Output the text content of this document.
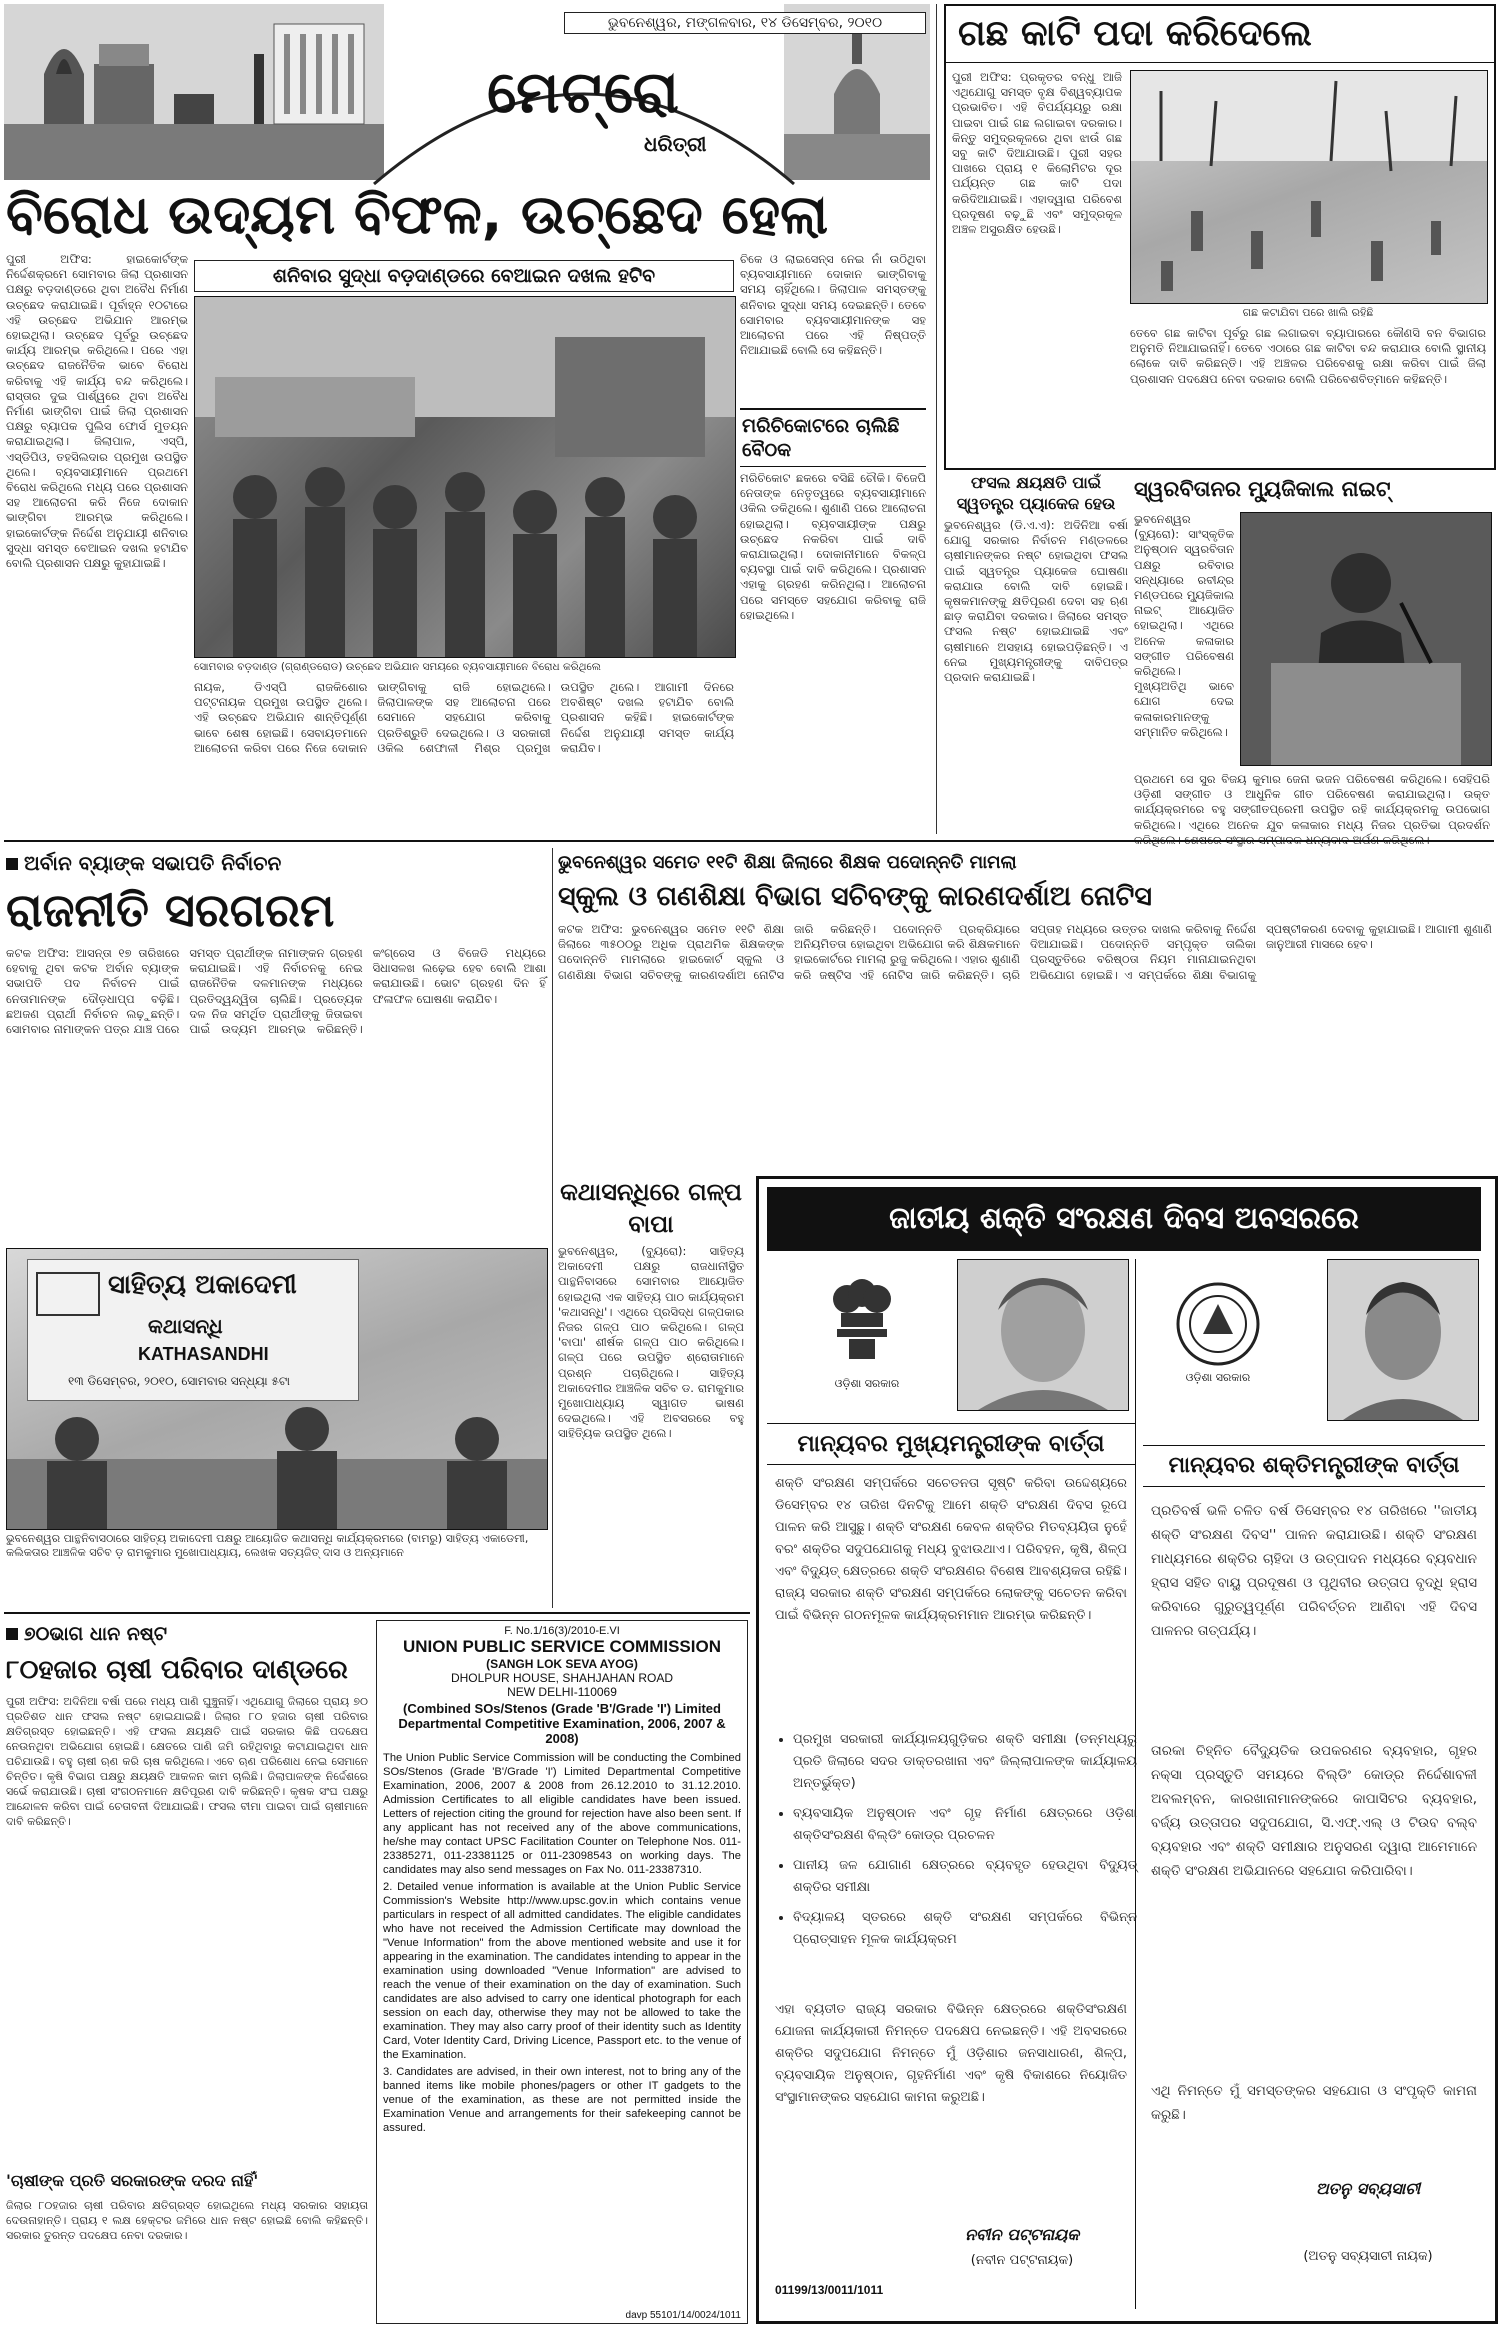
ଭୁବନେଶ୍ୱର, ମଙ୍ଗଳବାର, ୧୪ ଡିସେମ୍ବର, ୨୦୧୦
ମେଟ୍ରୋ
ଧରିତ୍ରୀ
ବିରୋଧ ଉଦ୍ୟମ ବିଫଳ, ଉଚ୍ଛେଦ ହେଲା
ପୁରୀ ଅଫିସ: ହାଇକୋର୍ଟଙ୍କ ନିର୍ଦ୍ଦେଶକ୍ରମେ ସୋମବାର ଜିଲା ପ୍ରଶାସନ ପକ୍ଷରୁ ବଡ଼ଦାଣ୍ଡରେ ଥିବା ଅବୈଧ ନିର୍ମାଣ ଉଚ୍ଛେଦ କରାଯାଇଛି। ପୂର୍ବାହ୍ନ ୧୦ଟାରେ ଏହି ଉଚ୍ଛେଦ ଅଭିଯାନ ଆରମ୍ଭ ହୋଇଥିଲା। ଉଚ୍ଛେଦ ପୂର୍ବରୁ ଉଚ୍ଛେଦ କାର୍ଯ୍ୟ ଆରମ୍ଭ କରିଥିଲେ। ପରେ ଏହା ଉଚ୍ଛେଦ ରାଜନୈତିକ ଭାବେ ବିରୋଧ କରିବାକୁ ଏହି କାର୍ଯ୍ୟ ବନ୍ଦ କରିଥିଲେ। ରାସ୍ତାର ଦୁଇ ପାର୍ଶ୍ୱରେ ଥିବା ଅବୈଧ ନିର୍ମାଣ ଭାଙ୍ଗିବା ପାଇଁ ଜିଲା ପ୍ରଶାସନ ପକ୍ଷରୁ ବ୍ୟାପକ ପୁଲିସ ଫୋର୍ସ ମୁତୟନ କରାଯାଇଥିଲା। ଜିଲାପାଳ, ଏସ୍‌ପି, ଏସ୍‌ଡିପିଓ, ତହସିଲଦାର ପ୍ରମୁଖ ଉପସ୍ଥିତ ଥିଲେ। ବ୍ୟବସାୟୀମାନେ ପ୍ରଥମେ ବିରୋଧ କରିଥିଲେ ମଧ୍ୟ ପରେ ପ୍ରଶାସନ ସହ ଆଲୋଚନା କରି ନିଜେ ଦୋକାନ ଭାଙ୍ଗିବା ଆରମ୍ଭ କରିଥିଲେ। ହାଇକୋର୍ଟଙ୍କ ନିର୍ଦ୍ଦେଶ ଅନୁଯାୟୀ ଶନିବାର ସୁଦ୍ଧା ସମସ୍ତ ବେଆଇନ ଦଖଲ ହଟାଯିବ ବୋଲି ପ୍ରଶାସନ ପକ୍ଷରୁ କୁହାଯାଇଛି।
ଶନିବାର ସୁଦ୍ଧା ବଡ଼ଦାଣ୍ଡରେ ବେଆଇନ ଦଖଲ ହଟିବ
ସୋମବାର ବଡ଼ଦାଣ୍ଡ (ଗ୍ରାଣ୍ଡରୋଡ) ଉଚ୍ଛେଦ ଅଭିଯାନ ସମୟରେ ବ୍ୟବସାୟୀମାନେ ବିରୋଧ କରିଥିଲେ
ଚିକେ ଓ ଲାଇସେନ୍ସ ନେଇ ନାଁ ଉଠିଥିବା ବ୍ୟବସାୟୀମାନେ ଦୋକାନ ଭାଙ୍ଗିବାକୁ ସମୟ ଚାହିଁଥିଲେ। ଜିଲାପାଳ ସମସ୍ତଙ୍କୁ ଶନିବାର ସୁଦ୍ଧା ସମୟ ଦେଇଛନ୍ତି। ତେବେ ସୋମବାର ବ୍ୟବସାୟୀମାନଙ୍କ ସହ ଆଲୋଚନା ପରେ ଏହି ନିଷ୍ପତ୍ତି ନିଆଯାଇଛି ବୋଲି ସେ କହିଛନ୍ତି।
ମରିଚିକୋଟରେ ଚାଲିଛି ବୈଠକ
ମରିଚିକୋଟ ଛକରେ ବସିଛି ଚୌକି। ବିଜେପି ନେତାଙ୍କ ନେତୃତ୍ୱରେ ବ୍ୟବସାୟୀମାନେ ଓକିଲ ଡକିଥିଲେ। ଶୁଣାଣି ପରେ ଆଲୋଚନା ହୋଇଥିଲା। ବ୍ୟବସାୟୀଙ୍କ ପକ୍ଷରୁ ଉଚ୍ଛେଦ ନକରିବା ପାଇଁ ଦାବି କରାଯାଇଥିଲା। ଦୋକାନୀମାନେ ବିକଳ୍ପ ବ୍ୟବସ୍ଥା ପାଇଁ ଦାବି କରିଥିଲେ। ପ୍ରଶାସନ ଏହାକୁ ଗ୍ରହଣ କରିନଥିଲା। ଆଲୋଚନା ପରେ ସମସ୍ତେ ସହଯୋଗ କରିବାକୁ ରାଜି ହୋଇଥିଲେ।
ନାୟକ, ଡିଏସ୍‌ପି ରାଜକିଶୋର ପଟ୍ଟନାୟକ ପ୍ରମୁଖ ଉପସ୍ଥିତ ଥିଲେ। ଏହି ଉଚ୍ଛେଦ ଅଭିଯାନ ଶାନ୍ତିପୂର୍ଣ୍ଣ ଭାବେ ଶେଷ ହୋଇଛି। ସେବାୟତମାନେ ଆଲୋଚନା କରିବା ପରେ ନିଜେ ଦୋକାନ ଭାଙ୍ଗିବାକୁ ରାଜି ହୋଇଥିଲେ। ଜିଲାପାଳଙ୍କ ସହ ଆଲୋଚନା ପରେ ସେମାନେ ସହଯୋଗ କରିବାକୁ ପ୍ରତିଶ୍ରୁତି ଦେଇଥିଲେ। ଓ ସରକାରୀ ଓକିଲ ଶେଫାଳୀ ମିଶ୍ର ପ୍ରମୁଖ ଉପସ୍ଥିତ ଥିଲେ। ଆଗାମୀ ଦିନରେ ଅବଶିଷ୍ଟ ଦଖଲ ହଟାଯିବ ବୋଲି ପ୍ରଶାସନ କହିଛି। ହାଇକୋର୍ଟଙ୍କ ନିର୍ଦ୍ଦେଶ ଅନୁଯାୟୀ ସମସ୍ତ କାର୍ଯ୍ୟ କରାଯିବ।
ଗଛ କାଟି ପଦା କରିଦେଲେ
ପୁରୀ ଅଫିସ: ପ୍ରକୃତର ବନ୍ଧୁ ଆଜି ଏଥିଯୋଗୁ ସମସ୍ତ ବୃକ୍ଷ ବିଶ୍ୱବ୍ୟାପକ ପ୍ରଭାବିତ। ଏହି ବିପର୍ଯ୍ୟୟରୁ ରକ୍ଷା ପାଇବା ପାଇଁ ଗଛ ଲଗାଇବା ଦରକାର। କିନ୍ତୁ ସମୁଦ୍ରକୂଳରେ ଥିବା ଝାଉଁ ଗଛ ସବୁ କାଟି ଦିଆଯାଉଛି। ପୁରୀ ସହର ପାଖରେ ପ୍ରାୟ ୧ କିଲୋମିଟର ଦୂର ପର୍ଯ୍ୟନ୍ତ ଗଛ କାଟି ପଦା କରିଦିଆଯାଇଛି। ଏହାଦ୍ୱାରା ପରିବେଶ ପ୍ରଦୂଷଣ ବଢ଼ୁଛି ଏବଂ ସମୁଦ୍ରକୂଳ ଅଞ୍ଚଳ ଅସୁରକ୍ଷିତ ହେଉଛି।
ଗଛ କଟାଯିବା ପରେ ଖାଲି ରହିଛି
ତେବେ ଗଛ କାଟିବା ପୂର୍ବରୁ ଗଛ ଲଗାଇବା ବ୍ୟାପାରରେ କୌଣସି ବନ ବିଭାଗର ଅନୁମତି ନିଆଯାଇନାହିଁ। ତେବେ ଏଠାରେ ଗଛ କାଟିବା ବନ୍ଦ କରାଯାଉ ବୋଲି ସ୍ଥାନୀୟ ଲୋକେ ଦାବି କରିଛନ୍ତି। ଏହି ଅଞ୍ଚଳର ପରିବେଶକୁ ରକ୍ଷା କରିବା ପାଇଁ ଜିଲା ପ୍ରଶାସନ ପଦକ୍ଷେପ ନେବା ଦରକାର ବୋଲି ପରିବେଶବିତ୍‌ମାନେ କହିଛନ୍ତି।
ଫସଲ କ୍ଷୟକ୍ଷତି ପାଇଁ ସ୍ୱତନ୍ତ୍ର ପ୍ୟାକେଜ ହେଉ
ଭୁବନେଶ୍ୱର (ଡି.ଏ.ଏ): ଅଦିନିଆ ବର୍ଷା ଯୋଗୁ ସରକାର ନିର୍ବାଚନ ମଣ୍ଡଳରେ ଚାଷୀମାନଙ୍କର ନଷ୍ଟ ହୋଇଥିବା ଫସଲ ପାଇଁ ସ୍ୱତନ୍ତ୍ର ପ୍ୟାକେଜ ଘୋଷଣା କରାଯାଉ ବୋଲି ଦାବି ହୋଇଛି। କୃଷକମାନଙ୍କୁ କ୍ଷତିପୂରଣ ଦେବା ସହ ଋଣ ଛାଡ଼ କରାଯିବା ଦରକାର। ଜିଲାରେ ସମସ୍ତ ଫସଲ ନଷ୍ଟ ହୋଇଯାଇଛି ଏବଂ ଚାଷୀମାନେ ଅସହାୟ ହୋଇପଡ଼ିଛନ୍ତି। ଏ ନେଇ ମୁଖ୍ୟମନ୍ତ୍ରୀଙ୍କୁ ଦାବିପତ୍ର ପ୍ରଦାନ କରାଯାଇଛି।
ସ୍ୱରବିତାନର ମ୍ୟୁଜିକାଲ ନାଇଟ୍
ଭୁବନେଶ୍ୱର (ବ୍ୟୁରୋ): ସାଂସ୍କୃତିକ ଅନୁଷ୍ଠାନ ସ୍ୱରବିତାନ ପକ୍ଷରୁ ରବିବାର ସନ୍ଧ୍ୟାରେ ରବୀନ୍ଦ୍ର ମଣ୍ଡପରେ ମ୍ୟୁଜିକାଲ ନାଇଟ୍ ଆୟୋଜିତ ହୋଇଥିଲା। ଏଥିରେ ଅନେକ କଳାକାର ସଙ୍ଗୀତ ପରିବେଷଣ କରିଥିଲେ। ମୁଖ୍ୟଅତିଥି ଭାବେ ଯୋଗ ଦେଇ କଳାକାରମାନଙ୍କୁ ସମ୍ମାନିତ କରିଥିଲେ।
ପ୍ରଥମେ ସେ ସୁର ବିଜୟ କୁମାର ଜେନା ଭଜନ ପରିବେଷଣ କରିଥିଲେ। ସେହିପରି ଓଡ଼ିଶୀ ସଙ୍ଗୀତ ଓ ଆଧୁନିକ ଗୀତ ପରିବେଷଣ କରାଯାଇଥିଲା। ଉକ୍ତ କାର୍ଯ୍ୟକ୍ରମରେ ବହୁ ସଙ୍ଗୀତପ୍ରେମୀ ଉପସ୍ଥିତ ରହି କାର୍ଯ୍ୟକ୍ରମକୁ ଉପଭୋଗ କରିଥିଲେ। ଏଥିରେ ଅନେକ ଯୁବ କଳାକାର ମଧ୍ୟ ନିଜର ପ୍ରତିଭା ପ୍ରଦର୍ଶନ
ଅର୍ବାନ ବ୍ୟାଙ୍କ ସଭାପତି ନିର୍ବାଚନ
ରାଜନୀତି ସରଗରମ
କଟକ ଅଫିସ: ଆସନ୍ତା ୧୭ ତାରିଖରେ ହେବାକୁ ଥିବା କଟକ ଅର୍ବାନ ବ୍ୟାଙ୍କ ସଭାପତି ପଦ ନିର୍ବାଚନ ପାଇଁ ନେତାମାନଙ୍କ ଦୌଡ଼ଧାପ୍ପ ବଢ଼ିଛି। ଛଅଜଣ ପ୍ରାର୍ଥୀ ନିର୍ବାଚନ ଲଢ଼ୁଛନ୍ତି। ସୋମବାର ନାମାଙ୍କନ ପତ୍ର ଯାଞ୍ଚ ପରେ ସମସ୍ତ ପ୍ରାର୍ଥୀଙ୍କ ନାମାଙ୍କନ ଗ୍ରହଣ କରାଯାଇଛି। ଏହି ନିର୍ବାଚନକୁ ନେଇ ରାଜନୈତିକ ଦଳମାନଙ୍କ ମଧ୍ୟରେ ପ୍ରତିଦ୍ୱନ୍ଦ୍ୱିତା ଚାଲିଛି। ପ୍ରତ୍ୟେକ ଦଳ ନିଜ ସମର୍ଥିତ ପ୍ରାର୍ଥୀଙ୍କୁ ଜିତାଇବା ପାଇଁ ଉଦ୍ୟମ ଆରମ୍ଭ କରିଛନ୍ତି। କଂଗ୍ରେସ ଓ ବିଜେଡି ମଧ୍ୟରେ ସିଧାସଳଖ ଲଢ଼େଇ ହେବ ବୋଲି ଆଶା କରାଯାଉଛି। ଭୋଟ ଗ୍ରହଣ ଦିନ ହିଁ ଫଳାଫଳ ଘୋଷଣା କରାଯିବ।
ଭୁବନେଶ୍ୱର ସମେତ ୧୧ଟି ଶିକ୍ଷା ଜିଲାରେ ଶିକ୍ଷକ ପଦୋନ୍ନତି ମାମଲା
ସ୍କୁଲ ଓ ଗଣଶିକ୍ଷା ବିଭାଗ ସଚିବଙ୍କୁ କାରଣଦର୍ଶାଅ ନୋଟିସ
କଟକ ଅଫିସ: ଭୁବନେଶ୍ୱର ସମେତ ୧୧ଟି ଶିକ୍ଷା ଜିଲାରେ ୩୫୦୦ରୁ ଅଧିକ ପ୍ରାଥମିକ ଶିକ୍ଷକଙ୍କ ପଦୋନ୍ନତି ମାମଲାରେ ହାଇକୋର୍ଟ ସ୍କୁଲ ଓ ଗଣଶିକ୍ଷା ବିଭାଗ ସଚିବଙ୍କୁ କାରଣଦର୍ଶାଅ ନୋଟିସ ଜାରି କରିଛନ୍ତି। ପଦୋନ୍ନତି ପ୍ରକ୍ରିୟାରେ ଅନିୟମିତତା ହୋଇଥିବା ଅଭିଯୋଗ କରି ଶିକ୍ଷକମାନେ ହାଇକୋର୍ଟରେ ମାମଲା ରୁଜୁ କରିଥିଲେ। ଏହାର ଶୁଣାଣି କରି ଜଷ୍ଟିସ ଏହି ନୋଟିସ ଜାରି କରିଛନ୍ତି। ଚାରି ସପ୍ତାହ ମଧ୍ୟରେ ଉତ୍ତର ଦାଖଲ କରିବାକୁ ନିର୍ଦ୍ଦେଶ ଦିଆଯାଇଛି। ପଦୋନ୍ନତି ସମ୍ପୃକ୍ତ ତାଲିକା ପ୍ରସ୍ତୁତିରେ ବରିଷ୍ଠତା ନିୟମ ମାନାଯାଇନଥିବା ଅଭିଯୋଗ ହୋଇଛି। ଏ ସମ୍ପର୍କରେ ଶିକ୍ଷା ବିଭାଗକୁ ସ୍ପଷ୍ଟୀକରଣ ଦେବାକୁ କୁହାଯାଇଛି। ଆଗାମୀ ଶୁଣାଣି ଜାନୁଆରୀ ମାସରେ ହେବ।
ସାହିତ୍ୟ ଅକାଦେମୀ
କଥାସନ୍ଧି
KATHASANDHI
୧୩ ଡିସେମ୍ବର, ୨୦୧୦, ସୋମବାର ସନ୍ଧ୍ୟା ୫ଟା
ଭୁବନେଶ୍ୱର ପାନ୍ଥନିବାସଠାରେ ସାହିତ୍ୟ ଅକାଦେମୀ ପକ୍ଷରୁ ଆୟୋଜିତ କଥାସନ୍ଧି କାର୍ଯ୍ୟକ୍ରମରେ (ବାମରୁ) ସାହିତ୍ୟ ଏକାଡେମୀ, କଲିକତାର ଆଞ୍ଚଳିକ ସଚିବ ଡ଼ ରାମକୁମାର ମୁଖୋପାଧ୍ୟାୟ, ଲେଖକ ସତ୍ୟଜିତ୍ ଦାସ ଓ ଅନ୍ୟମାନେ
କଥାସନ୍ଧିରେ ଗଳ୍ପ ବାପା
ଭୁବନେଶ୍ୱର, (ବ୍ୟୁରୋ): ସାହିତ୍ୟ ଅକାଦେମୀ ପକ୍ଷରୁ ରାଜଧାନୀସ୍ଥିତ ପାନ୍ଥନିବାସରେ ସୋମବାର ଆୟୋଜିତ ହୋଇଥିଲା ଏକ ସାହିତ୍ୟ ପାଠ କାର୍ଯ୍ୟକ୍ରମ 'କଥାସନ୍ଧି'। ଏଥିରେ ପ୍ରସିଦ୍ଧ ଗଳ୍ପକାର ନିଜର ଗଳ୍ପ ପାଠ କରିଥିଲେ। ଗଳ୍ପ 'ବାପା' ଶୀର୍ଷକ ଗଳ୍ପ ପାଠ କରିଥିଲେ। ଗଳ୍ପ ପରେ ଉପସ୍ଥିତ ଶ୍ରୋତାମାନେ ପ୍ରଶ୍ନ ପଚାରିଥିଲେ। ସାହିତ୍ୟ ଅକାଦେମୀର ଆଞ୍ଚଳିକ ସଚିବ ଡ. ରାମକୁମାର ମୁଖୋପାଧ୍ୟାୟ ସ୍ୱାଗତ ଭାଷଣ ଦେଇଥିଲେ। ଏହି ଅବସରରେ ବହୁ ସାହିତ୍ୟିକ ଉପସ୍ଥିତ ଥିଲେ।
ଜାତୀୟ ଶକ୍ତି ସଂରକ୍ଷଣ ଦିବସ ଅବସରରେ
ଓଡ଼ିଶା ସରକାର
ମାନ୍ୟବର ମୁଖ୍ୟମନ୍ତ୍ରୀଙ୍କ ବାର୍ତ୍ତା
ଶକ୍ତି ସଂରକ୍ଷଣ ସମ୍ପର୍କରେ ସଚେତନତା ସୃଷ୍ଟି କରିବା ଉଦ୍ଦେଶ୍ୟରେ ଡିସେମ୍ବର ୧୪ ତାରିଖ ଦିନଟିକୁ ଆମେ ଶକ୍ତି ସଂରକ୍ଷଣ ଦିବସ ରୂପେ ପାଳନ କରି ଆସୁଛୁ। ଶକ୍ତି ସଂରକ୍ଷଣ କେବଳ ଶକ୍ତିର ମିତବ୍ୟୟିତା ନୁହେଁ ବରଂ ଶକ୍ତିର ସଦୁପଯୋଗକୁ ମଧ୍ୟ ବୁଝାଉଥାଏ। ପରିବହନ, କୃଷି, ଶିଳ୍ପ ଏବଂ ବିଦ୍ୟୁତ୍ କ୍ଷେତ୍ରରେ ଶକ୍ତି ସଂରକ୍ଷଣର ବିଶେଷ ଆବଶ୍ୟକତା ରହିଛି। ରାଜ୍ୟ ସରକାର ଶକ୍ତି ସଂରକ୍ଷଣ ସମ୍ପର୍କରେ ଲୋକଙ୍କୁ ସଚେତନ କରିବା ପାଇଁ ବିଭିନ୍ନ ଗଠନମୂଳକ କାର୍ଯ୍ୟକ୍ରମମାନ ଆରମ୍ଭ କରିଛନ୍ତି।
• ପ୍ରମୁଖ ସରକାରୀ କାର୍ଯ୍ୟାଳୟଗୁଡ଼ିକର ଶକ୍ତି ସମୀକ୍ଷା (ତନ୍ମଧ୍ୟରୁ ପ୍ରତି ଜିଲାରେ ସଦର ଡାକ୍ତରଖାନା ଏବଂ ଜିଲ୍ଲାପାଳଙ୍କ କାର୍ଯ୍ୟାଳୟ ଅନ୍ତର୍ଭୁକ୍ତ)
• ବ୍ୟବସାୟିକ ଅନୁଷ୍ଠାନ ଏବଂ ଗୃହ ନିର୍ମାଣ କ୍ଷେତ୍ରରେ ଓଡ଼ିଶା ଶକ୍ତିସଂରକ୍ଷଣ ବିଲ୍ଡିଂ କୋଡ୍‌ର ପ୍ରଚଳନ
• ପାନୀୟ ଜଳ ଯୋଗାଣ କ୍ଷେତ୍ରରେ ବ୍ୟବହୃତ ହେଉଥିବା ବିଦ୍ୟୁତ୍ ଶକ୍ତିର ସମୀକ୍ଷା
• ବିଦ୍ୟାଳୟ ସ୍ତରରେ ଶକ୍ତି ସଂରକ୍ଷଣ ସମ୍ପର୍କରେ ବିଭିନ୍ନ ପ୍ରୋତ୍ସାହନ ମୂଳକ କାର୍ଯ୍ୟକ୍ରମ
ଏହା ବ୍ୟତୀତ ରାଜ୍ୟ ସରକାର ବିଭିନ୍ନ କ୍ଷେତ୍ରରେ ଶକ୍ତିସଂରକ୍ଷଣ ଯୋଜନା କାର୍ଯ୍ୟକାରୀ ନିମନ୍ତେ ପଦକ୍ଷେପ ନେଇଛନ୍ତି। ଏହି ଅବସରରେ ଶକ୍ତିର ସଦୁପଯୋଗ ନିମନ୍ତେ ମୁଁ ଓଡ଼ିଶାର ଜନସାଧାରଣ, ଶିଳ୍ପ, ବ୍ୟବସାୟିକ ଅନୁଷ୍ଠାନ, ଗୃହନିର୍ମାଣ ଏବଂ କୃଷି ବିକାଶରେ ନିୟୋଜିତ ସଂସ୍ଥାମାନଙ୍କର ସହଯୋଗ କାମନା କରୁଅଛି।
ନବୀନ ପଟ୍ଟନାୟକ
(ନବୀନ ପଟ୍ଟନାୟକ)
01199/13/0011/1011
ଓଡ଼ିଶା ସରକାର
ମାନ୍ୟବର ଶକ୍ତିମନ୍ତ୍ରୀଙ୍କ ବାର୍ତ୍ତା
ପ୍ରତିବର୍ଷ ଭଳି ଚଳିତ ବର୍ଷ ଡିସେମ୍ବର ୧୪ ତାରିଖରେ ''ଜାତୀୟ ଶକ୍ତି ସଂରକ୍ଷଣ ଦିବସ'' ପାଳନ କରାଯାଉଛି। ଶକ୍ତି ସଂରକ୍ଷଣ ମାଧ୍ୟମରେ ଶକ୍ତିର ଚାହିଦା ଓ ଉତ୍ପାଦନ ମଧ୍ୟରେ ବ୍ୟବଧାନ ହ୍ରାସ ସହିତ ବାୟୁ ପ୍ରଦୂଷଣ ଓ ପୃଥିବୀର ଉତ୍ତାପ ବୃଦ୍ଧି ହ୍ରାସ କରିବାରେ ଗୁରୁତ୍ୱପୂର୍ଣ୍ଣ ପରିବର୍ତ୍ତନ ଆଣିବା ଏହି ଦିବସ ପାଳନର ତାତ୍ପର୍ଯ୍ୟ।
ତାରକା ଚିହ୍ନିତ ବୈଦ୍ୟୁତିକ ଉପକରଣର ବ୍ୟବହାର, ଗୃହର ନକ୍ସା ପ୍ରସ୍ତୁତି ସମୟରେ ବିଲ୍ଡିଂ କୋଡ୍‌ର ନିର୍ଦ୍ଦେଶାବଳୀ ଅବଲମ୍ବନ, କାରଖାନାମାନଙ୍କରେ କାପାସିଟର ବ୍ୟବହାର, ବର୍ଜ୍ୟ ଉତ୍ତାପର ସଦୁପଯୋଗ, ସି.ଏଫ୍.ଏଲ୍ ଓ ଟିଉବ ବଲ୍‌ବ ବ୍ୟବହାର ଏବଂ ଶକ୍ତି ସମୀକ୍ଷାର ଅନୁସରଣ ଦ୍ୱାରା ଆମେମାନେ ଶକ୍ତି ସଂରକ୍ଷଣ ଅଭିଯାନରେ ସହଯୋଗ କରିପାରିବା।
ଏଥି ନିମନ୍ତେ ମୁଁ ସମସ୍ତଙ୍କର ସହଯୋଗ ଓ ସଂପୃକ୍ତି କାମନା କରୁଛି।
ଅତନୁ ସବ୍ୟସାଚୀ
(ଅତନୁ ସବ୍ୟସାଚୀ ନାୟକ)
୭୦ଭାଗ ଧାନ ନଷ୍ଟ
୮୦ହଜାର ଚାଷୀ ପରିବାର ଦାଣ୍ଡରେ
ପୁରୀ ଅଫିସ: ଅଦିନିଆ ବର୍ଷା ପରେ ମଧ୍ୟ ପାଣି ଘୁଞ୍ଚୁନାହିଁ। ଏଥିଯୋଗୁ ଜିଲାରେ ପ୍ରାୟ ୭୦ ପ୍ରତିଶତ ଧାନ ଫସଲ ନଷ୍ଟ ହୋଇଯାଇଛି। ଜିଲାର ୮୦ ହଜାର ଚାଷୀ ପରିବାର କ୍ଷତିଗ୍ରସ୍ତ ହୋଇଛନ୍ତି। ଏହି ଫସଲ କ୍ଷୟକ୍ଷତି ପାଇଁ ସରକାର କିଛି ପଦକ୍ଷେପ ନେଉନଥିବା ଅଭିଯୋଗ ହୋଇଛି। କ୍ଷେତରେ ପାଣି ଜମି ରହିଥିବାରୁ କଟାଯାଇଥିବା ଧାନ ପଚିଯାଉଛି। ବହୁ ଚାଷୀ ଋଣ କରି ଚାଷ କରିଥିଲେ। ଏବେ ଋଣ ପରିଶୋଧ ନେଇ ସେମାନେ ଚିନ୍ତିତ। କୃଷି ବିଭାଗ ପକ୍ଷରୁ କ୍ଷୟକ୍ଷତି ଆକଳନ କାମ ଚାଲିଛି। ଜିଲାପାଳଙ୍କ ନିର୍ଦ୍ଦେଶରେ ସର୍ଭେ କରାଯାଉଛି। ଚାଷୀ ସଂଗଠନମାନେ କ୍ଷତିପୂରଣ ଦାବି କରିଛନ୍ତି। କୃଷକ ସଂଘ ପକ୍ଷରୁ ଆନ୍ଦୋଳନ କରିବା ପାଇଁ ଚେତାବନୀ ଦିଆଯାଇଛି। ଫସଲ ବୀମା ପାଇବା ପାଇଁ ଚାଷୀମାନେ ଦାବି କରିଛନ୍ତି।
'ଚାଷୀଙ୍କ ପ୍ରତି ସରକାରଙ୍କ ଦରଦ ନାହିଁ'
ଜିଲାର ୮୦ହଜାର ଚାଷୀ ପରିବାର କ୍ଷତିଗ୍ରସ୍ତ ହୋଇଥିଲେ ମଧ୍ୟ ସରକାର ସହାୟତା ଦେଉନାହାନ୍ତି। ପ୍ରାୟ ୧ ଲକ୍ଷ ହେକ୍ଟର ଜମିରେ ଧାନ ନଷ୍ଟ ହୋଇଛି ବୋଲି କହିଛନ୍ତି। ସରକାର ତୁରନ୍ତ ପଦକ୍ଷେପ ନେବା ଦରକାର।
F. No.1/16(3)/2010-E.VI
UNION PUBLIC SERVICE COMMISSION
(SANGH LOK SEVA AYOG)
DHOLPUR HOUSE, SHAHJAHAN ROAD
NEW DELHI-110069
(Combined SOs/Stenos (Grade 'B'/Grade 'I') Limited Departmental Competitive Examination, 2006, 2007 & 2008)
The Union Public Service Commission will be conducting the Combined SOs/Stenos (Grade 'B'/Grade 'I') Limited Departmental Competitive Examination, 2006, 2007 & 2008 from 26.12.2010 to 31.12.2010. Admission Certificates to all eligible candidates have been issued. Letters of rejection citing the ground for rejection have also been sent. If any applicant has not received any of the above communications, he/she may contact UPSC Facilitation Counter on Telephone Nos. 011-23385271, 011-23381125 or 011-23098543 on working days. The candidates may also send messages on Fax No. 011-23387310.
2. Detailed venue information is available at the Union Public Service Commission's Website http://www.upsc.gov.in which contains venue particulars in respect of all admitted candidates. The eligible candidates who have not received the Admission Certificate may download the "Venue Information" from the above mentioned website and use it for appearing in the examination. The candidates intending to appear in the examination using downloaded "Venue Information" are advised to reach the venue of their examination on the day of examination. Such candidates are also advised to carry one identical photograph for each session on each day, otherwise they may not be allowed to take the examination. They may also carry proof of their identity such as Identity Card, Voter Identity Card, Driving Licence, Passport etc. to the venue of the Examination.
3. Candidates are advised, in their own interest, not to bring any of the banned items like mobile phones/pagers or other IT gadgets to the venue of the examination, as these are not permitted inside the Examination Venue and arrangements for their safekeeping cannot be assured.
davp 55101/14/0024/1011
